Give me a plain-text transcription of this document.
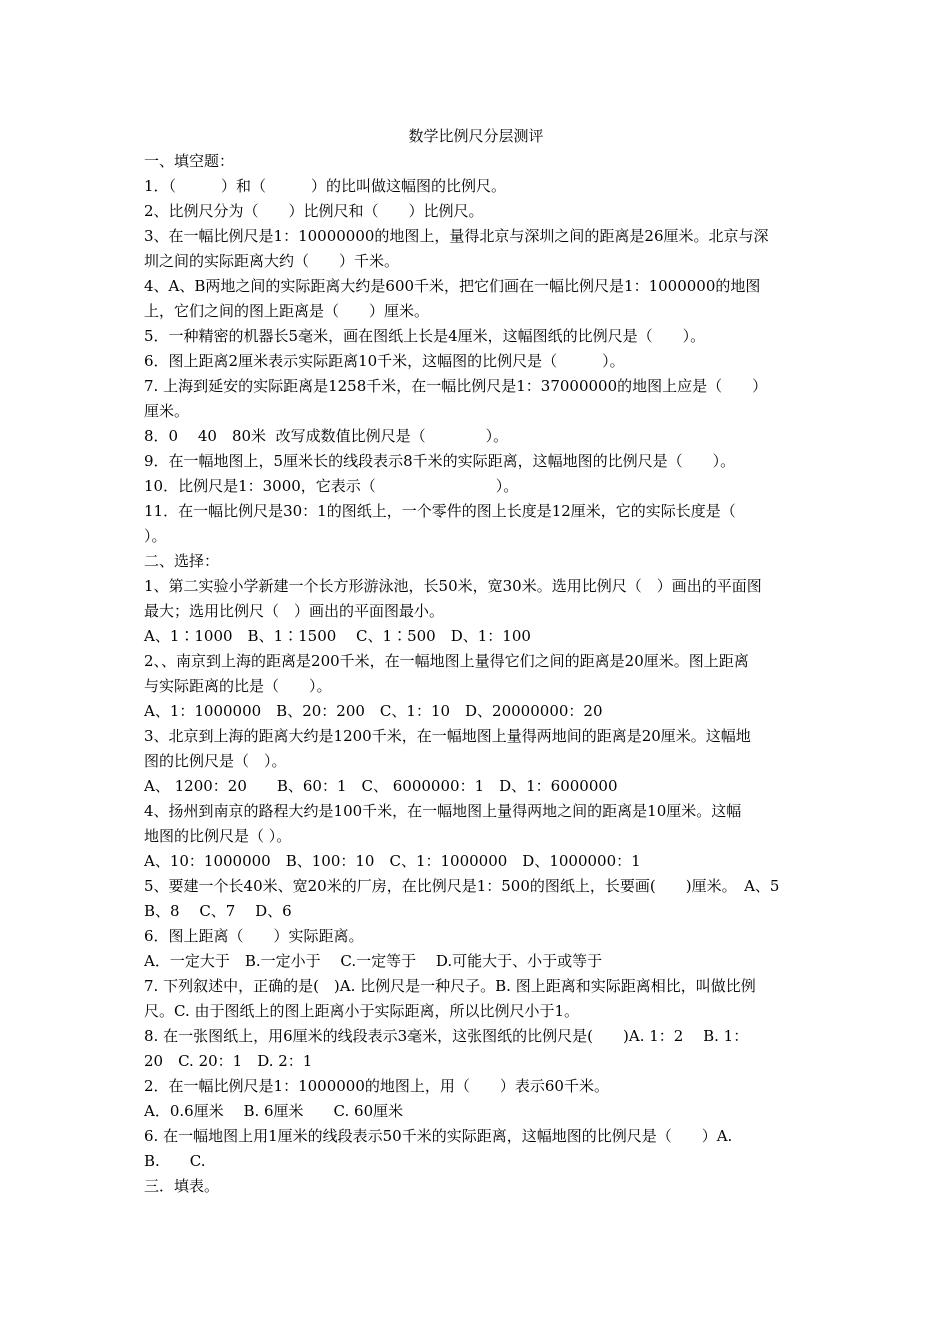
数学比例尺分层测评

一、填空题：

1．（　　　）和（　　　）的比叫做这幅图的比例尺。

2、比例尺分为（　　）比例尺和（　　）比例尺。

3、在一幅比例尺是1：10000000的地图上，量得北京与深圳之间的距离是26厘米。北京与深

圳之间的实际距离大约（　　）千米。

4、A、B两地之间的实际距离大约是600千米，把它们画在一幅比例尺是1：1000000的地图

上，它们之间的图上距离是（　　）厘米。

5．一种精密的机器长5毫米，画在图纸上长是4厘米，这幅图纸的比例尺是（　　）。

6．图上距离2厘米表示实际距离10千米，这幅图的比例尺是（　　　）。

7. 上海到延安的实际距离是1258千米，在一幅比例尺是1：37000000的地图上应是（　　）

厘米。

8．0　 40　80米  改写成数值比例尺是（　　　　）。

9．在一幅地图上，5厘米长的线段表示8千米的实际距离，这幅地图的比例尺是（　　）。

10．比例尺是1：3000，它表示（　　　　　　　　）。

11．在一幅比例尺是30：1的图纸上，一个零件的图上长度是12厘米，它的实际长度是（

）。

二、选择：

1、第二实验小学新建一个长方形游泳池，长50米，宽30米。选用比例尺（　）画出的平面图

最大；选用比例尺（　）画出的平面图最小。

A、1∶1000　B、1∶1500　 C、1∶500　D、1：100

2、、南京到上海的距离是200千米，在一幅地图上量得它们之间的距离是20厘米。图上距离

与实际距离的比是（　　）。

A、1：1000000　B、20：200　C、1：10　D、20000000：20

3、北京到上海的距离大约是1200千米，在一幅地图上量得两地间的距离是20厘米。这幅地

图的比例尺是（　）。

A、 1200：20　　B、60：1　C、 6000000：1　D、1：6000000

4、扬州到南京的路程大约是100千米，在一幅地图上量得两地之间的距离是10厘米。这幅

地图的比例尺是（ ）。

A、10：1000000　B、100：10　C、1：1000000　D、1000000：1

5、要建一个长40米、宽20米的厂房，在比例尺是1：500的图纸上，长要画(　　)厘米。　A、5

B、8　 C、7　 D、6

6．图上距离（　　）实际距离。

A．一定大于　B.一定小于　 C.一定等于　 D.可能大于、小于或等于

7. 下列叙述中，正确的是(　)A. 比例尺是一种尺子。B. 图上距离和实际距离相比，叫做比例

尺。C. 由于图纸上的图上距离小于实际距离，所以比例尺小于1。

8. 在一张图纸上，用6厘米的线段表示3毫米，这张图纸的比例尺是(　　)A. 1：2　 B. 1：

20　C. 20：1　D. 2：1

2．在一幅比例尺是1：1000000的地图上，用（　　）表示60千米。

A．0.6厘米　 B. 6厘米　　C. 60厘米

6. 在一幅地图上用1厘米的线段表示50千米的实际距离，这幅地图的比例尺是（　　）A.

B.　　C.

三．填表。
